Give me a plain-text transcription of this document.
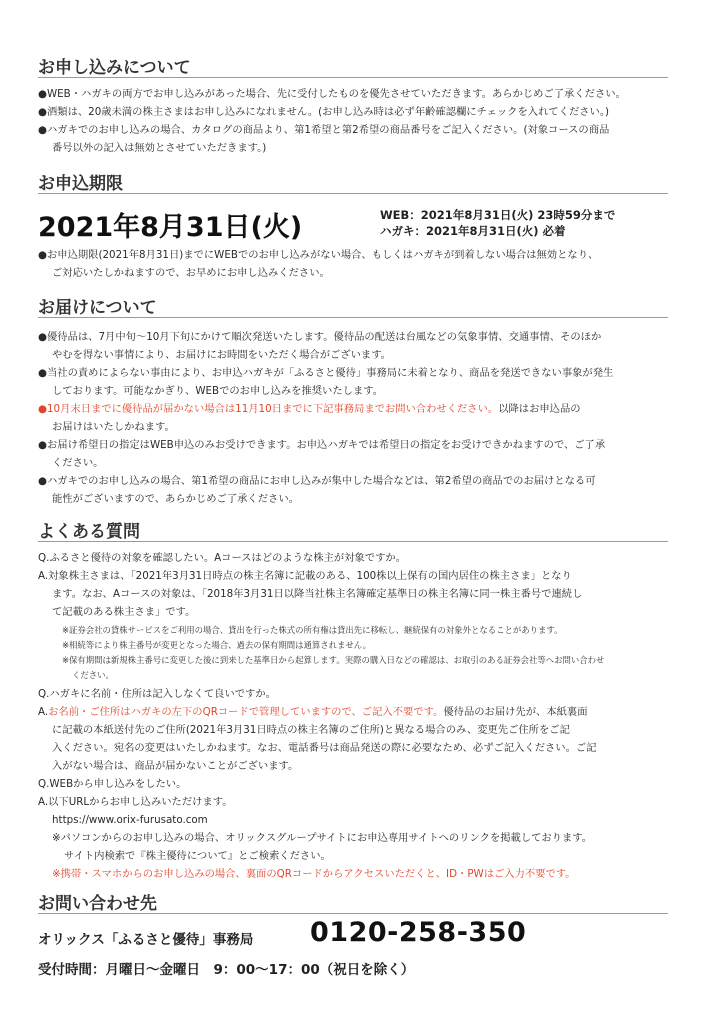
お申し込みについて
●WEB・ハガキの両方でお申し込みがあった場合、先に受付したものを優先させていただきます。あらかじめご了承ください。
●酒類は、20歳未満の株主さまはお申し込みになれません。(お申し込み時は必ず年齢確認欄にチェックを入れてください。)
●ハガキでのお申し込みの場合、カタログの商品より、第1希望と第2希望の商品番号をご記入ください。(対象コースの商品
番号以外の記入は無効とさせていただきます。)
お申込期限
2021年8月31日(火)	WEB：2021年8月31日(火) 23時59分まで
ハガキ：2021年8月31日(火) 必着
●お申込期限(2021年8月31日)までにWEBでのお申し込みがない場合、もしくはハガキが到着しない場合は無効となり、
ご対応いたしかねますので、お早めにお申し込みください。
お届けについて
●優待品は、7月中旬〜10月下旬にかけて順次発送いたします。優待品の配送は台風などの気象事情、交通事情、そのほか
やむを得ない事情により、お届けにお時間をいただく場合がございます。
●当社の責めによらない事由により、お申込ハガキが「ふるさと優待」事務局に未着となり、商品を発送できない事象が発生
しております。可能なかぎり、WEBでのお申し込みを推奨いたします。
●10月末日までに優待品が届かない場合は11月10日までに下記事務局までお問い合わせください。以降はお申込品の
お届けはいたしかねます。
●お届け希望日の指定はWEB申込のみお受けできます。お申込ハガキでは希望日の指定をお受けできかねますので、ご了承
ください。
●ハガキでのお申し込みの場合、第1希望の商品にお申し込みが集中した場合などは、第2希望の商品でのお届けとなる可
能性がございますので、あらかじめご了承ください。
よくある質問
Q.ふるさと優待の対象を確認したい。Aコースはどのような株主が対象ですか。
A.対象株主さまは、「2021年3月31日時点の株主名簿に記載のある、100株以上保有の国内居住の株主さま」となり
ます。なお、Aコースの対象は、「2018年3月31日以降当社株主名簿確定基準日の株主名簿に同一株主番号で連続し
て記載のある株主さま」です。
※証券会社の貸株サービスをご利用の場合、貸出を行った株式の所有権は貸出先に移転し、継続保有の対象外となることがあります。
※相続等により株主番号が変更となった場合、過去の保有期間は通算されません。
※保有期間は新規株主番号に変更した後に到来した基準日から起算します。実際の購入日などの確認は、お取引のある証券会社等へお問い合わせ
ください。
Q.ハガキに名前・住所は記入しなくて良いですか。
A.お名前・ご住所はハガキの左下のQRコードで管理していますので、ご記入不要です。優待品のお届け先が、本紙裏面
に記載の本紙送付先のご住所(2021年3月31日時点の株主名簿のご住所)と異なる場合のみ、変更先ご住所をご記
入ください。宛名の変更はいたしかねます。なお、電話番号は商品発送の際に必要なため、必ずご記入ください。ご記
入がない場合は、商品が届かないことがございます。
Q.WEBから申し込みをしたい。
A.以下URLからお申し込みいただけます。
https://www.orix-furusato.com
※パソコンからのお申し込みの場合、オリックスグループサイトにお申込専用サイトへのリンクを掲載しております。
サイト内検索で『株主優待について』とご検索ください。
※携帯・スマホからのお申し込みの場合、裏面のQRコードからアクセスいただくと、ID・PWはご入力不要です。
お問い合わせ先
オリックス「ふるさと優待」事務局 0120-258-350
受付時間：月曜日〜金曜日　9：00〜17：00（祝日を除く）
